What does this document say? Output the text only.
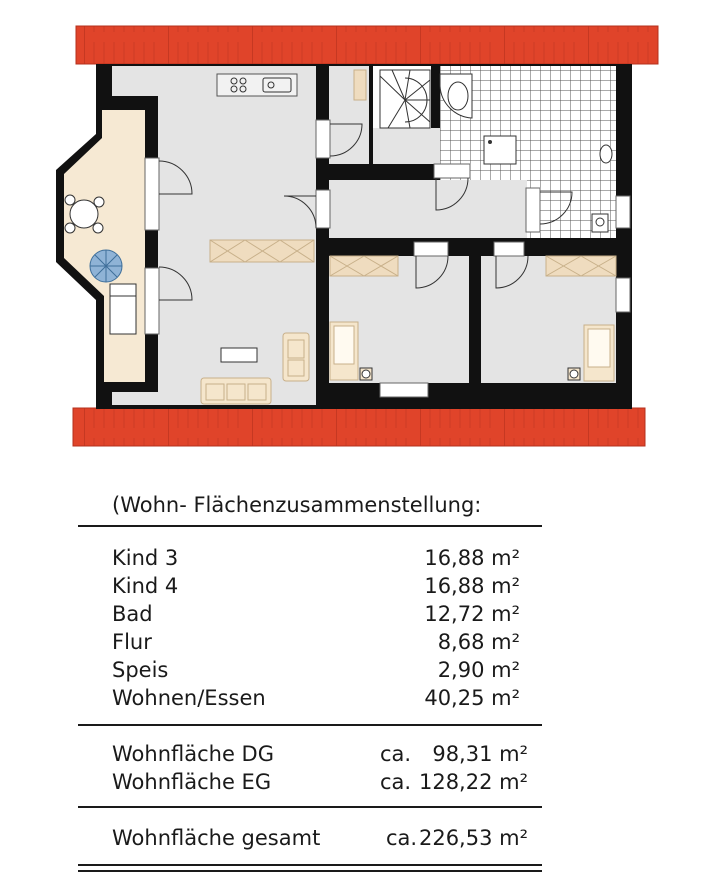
(Wohn- Flächenzusammenstellung:
Kind 3	16,88 m²
Kind 4	16,88 m²
Bad	12,72 m²
Flur	8,68 m²
Speis	2,90 m²
Wohnen/Essen	40,25 m²
Wohnfläche DG	ca.	98,31 m²
Wohnfläche EG	ca. 128,22 m²
Wohnfläche gesamt	ca. 226,53 m²
